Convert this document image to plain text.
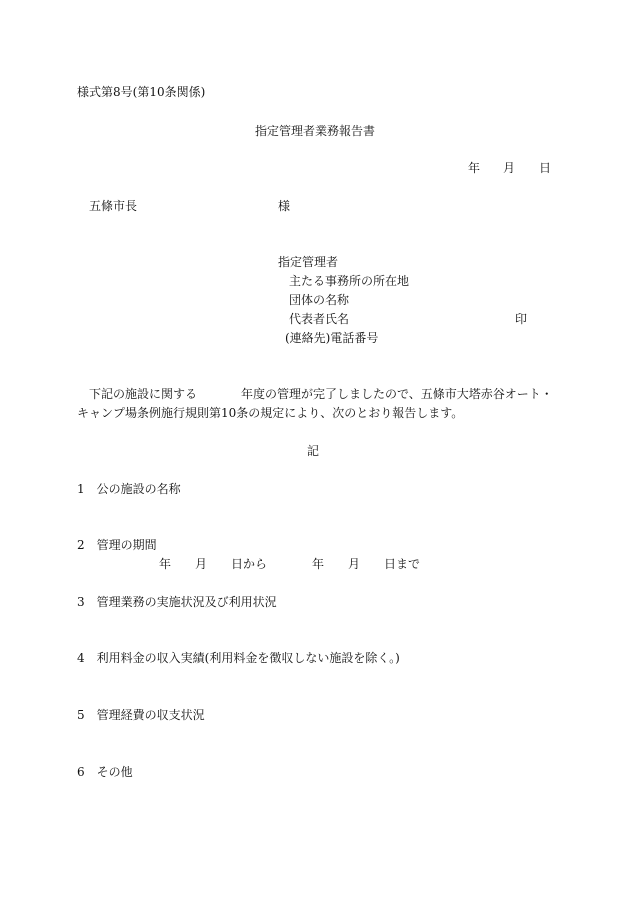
様式第8号(第10条関係)
指定管理者業務報告書
年 月 日
五條市長	様
指定管理者
主たる事務所の所在地
団体の名称
代表者氏名	印
(連絡先)電話番号
下記の施設に関する	年度の管理が完了しましたので、五條市大塔赤谷オート・
キャンプ場条例施行規則第10条の規定により、次のとおり報告します。
記
1　公の施設の名称
2　管理の期間
年 月 日から	年 月 日まで
3　管理業務の実施状況及び利用状況
4　利用料金の収入実績(利用料金を徴収しない施設を除く。)
5　管理経費の収支状況
6　その他
